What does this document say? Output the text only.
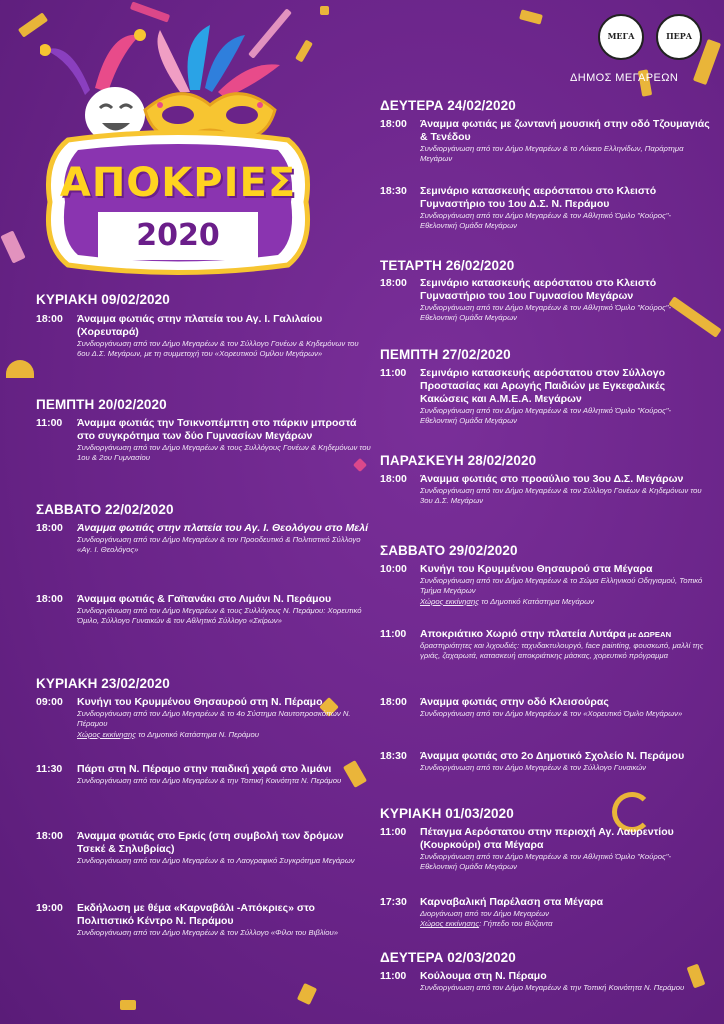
ΑΠΟΚΡΙΕΣ
2020
ΜΕΓΑ	ΠΕΡΑ
ΔΗΜΟΣ ΜΕΓΑΡΕΩΝ
ΚΥΡΙΑΚΗ 09/02/2020
18:00 Άναμμα φωτιάς στην πλατεία του Αγ. Ι. Γαλιλαίου (Χορευταρά)
Συνδιοργάνωση από τον Δήμο Μεγαρέων & τον Σύλλογο Γονέων & Κηδεμόνων του 6ου Δ.Σ. Μεγάρων, με τη συμμετοχή του «Χορευτικού Ομίλου Μεγάρων»
ΠΕΜΠΤΗ 20/02/2020
11:00 Άναμμα φωτιάς την Τσικνοπέμπτη στο πάρκιν μπροστά στο συγκρότημα των δύο Γυμνασίων Μεγάρων
Συνδιοργάνωση από τον Δήμο Μεγαρέων & τους Συλλόγους Γονέων & Κηδεμόνων του 1ου & 2ου Γυμνασίου
ΣΑΒΒΑΤΟ 22/02/2020
18:00 Άναμμα φωτιάς στην πλατεία του Αγ. Ι. Θεολόγου στο Μελί
Συνδιοργάνωση από τον Δήμο Μεγαρέων & τον Προοδευτικό & Πολιτιστικό Σύλλογο «Αγ. Ι. Θεολόγος»
18:00 Άναμμα φωτιάς & Γαϊτανάκι στο Λιμάνι Ν. Περάμου
Συνδιοργάνωση από τον Δήμο Μεγαρέων & τους Συλλόγους Ν. Περάμου: Χορευτικό Όμιλο, Σύλλογο Γυναικών & τον Αθλητικό Σύλλογο «Σκίρων»
ΚΥΡΙΑΚΗ 23/02/2020
09:00 Κυνήγι του Κρυμμένου Θησαυρού στη Ν. Πέραμο
Συνδιοργάνωση από τον Δήμο Μεγαρέων & το 4ο Σύστημα Ναυτοπροσκόπων Ν. Πέραμου
Χώρος εκκίνησης το Δημοτικό Κατάστημα Ν. Περάμου
11:30 Πάρτι στη Ν. Πέραμο στην παιδική χαρά στο λιμάνι
Συνδιοργάνωση από τον Δήμο Μεγαρέων & την Τοπική Κοινότητα Ν. Περάμου
18:00 Άναμμα φωτιάς στο Ερκίς (στη συμβολή των δρόμων Τσεκέ & Σηλυβρίας)
Συνδιοργάνωση από τον Δήμο Μεγαρέων & το Λαογραφικό Συγκρότημα Μεγάρων
19:00 Εκδήλωση με θέμα «Καρναβάλι -Απόκριες» στο Πολιτιστικό Κέντρο Ν. Περάμου
Συνδιοργάνωση από τον Δήμο Μεγαρέων & τον Σύλλογο «Φίλοι του Βιβλίου»
ΔΕΥΤΕΡΑ 24/02/2020
18:00 Άναμμα φωτιάς με ζωντανή μουσική στην οδό Τζουμαγιάς & Τενέδου
Συνδιοργάνωση από τον Δήμο Μεγαρέων & το Λύκειο Ελληνίδων, Παράρτημα Μεγάρων
18:30 Σεμινάριο κατασκευής αερόστατου στο Κλειστό Γυμναστήριο του 1ου Δ.Σ. Ν. Περάμου
Συνδιοργάνωση από τον Δήμο Μεγαρέων & τον Αθλητικό Όμιλο "Κούρος"- Εθελοντική Ομάδα Μεγάρων
ΤΕΤΑΡΤΗ 26/02/2020
18:00 Σεμινάριο κατασκευής αερόστατου στο Κλειστό Γυμναστήριο του 1ου Γυμνασίου Μεγάρων
Συνδιοργάνωση από τον Δήμο Μεγαρέων & τον Αθλητικό Όμιλο "Κούρος"- Εθελοντική Ομάδα Μεγάρων
ΠΕΜΠΤΗ 27/02/2020
11:00 Σεμινάριο κατασκευής αερόστατου στον Σύλλογο Προστασίας και Αρωγής Παιδιών με Εγκεφαλικές Κακώσεις και Α.Μ.Ε.Α. Μεγάρων
Συνδιοργάνωση από τον Δήμο Μεγαρέων & τον Αθλητικό Όμιλο "Κούρος"- Εθελοντική Ομάδα Μεγάρων
ΠΑΡΑΣΚΕΥΗ 28/02/2020
18:00 Άναμμα φωτιάς στο προαύλιο του 3ου Δ.Σ. Μεγάρων
Συνδιοργάνωση από τον Δήμο Μεγαρέων & τον Σύλλογο Γονέων & Κηδεμόνων του 3ου Δ.Σ. Μεγάρων
ΣΑΒΒΑΤΟ 29/02/2020
10:00 Κυνήγι του Κρυμμένου Θησαυρού στα Μέγαρα
Συνδιοργάνωση από τον Δήμο Μεγαρέων & το Σώμα Ελληνικού Οδηγισμού, Τοπικό Τμήμα Μεγάρων
Χώρος εκκίνησης το Δημοτικό Κατάστημα Μεγάρων
11:00 Αποκριάτικο Χωριό στην πλατεία Λυτάρα με ΔΩΡΕΑΝ
δραστηριότητες και λιχουδιές: ταχυδακτυλουργό, face painting, φουσκωτό, μαλλί της γριάς, ζαχαρωτά, κατασκευή αποκριάτικης μάσκας, χορευτικό πρόγραμμα
18:00 Άναμμα φωτιάς στην οδό Κλεισούρας
Συνδιοργάνωση από τον Δήμο Μεγαρέων & τον «Χορευτικό Όμιλο Μεγάρων»
18:30 Άναμμα φωτιάς στο 2ο Δημοτικό Σχολείο Ν. Περάμου
Συνδιοργάνωση από τον Δήμο Μεγαρέων & τον Σύλλογο Γυναικών
ΚΥΡΙΑΚΗ 01/03/2020
11:00 Πέταγμα Αερόστατου στην περιοχή Αγ. Λαυρεντίου (Κουρκούρι) στα Μέγαρα
Συνδιοργάνωση από τον Δήμο Μεγαρέων & τον Αθλητικό Όμιλο "Κούρος"- Εθελοντική Ομάδα Μεγάρων
17:30 Καρναβαλική Παρέλαση στα Μέγαρα
Διοργάνωση από τον Δήμο Μεγαρέων
Χώρος εκκίνησης: Γήπεδο του Βύζαντα
ΔΕΥΤΕΡΑ 02/03/2020
11:00 Κούλουμα στη Ν. Πέραμο
Συνδιοργάνωση από τον Δήμο Μεγαρέων & την Τοπική Κοινότητα Ν. Περάμου
